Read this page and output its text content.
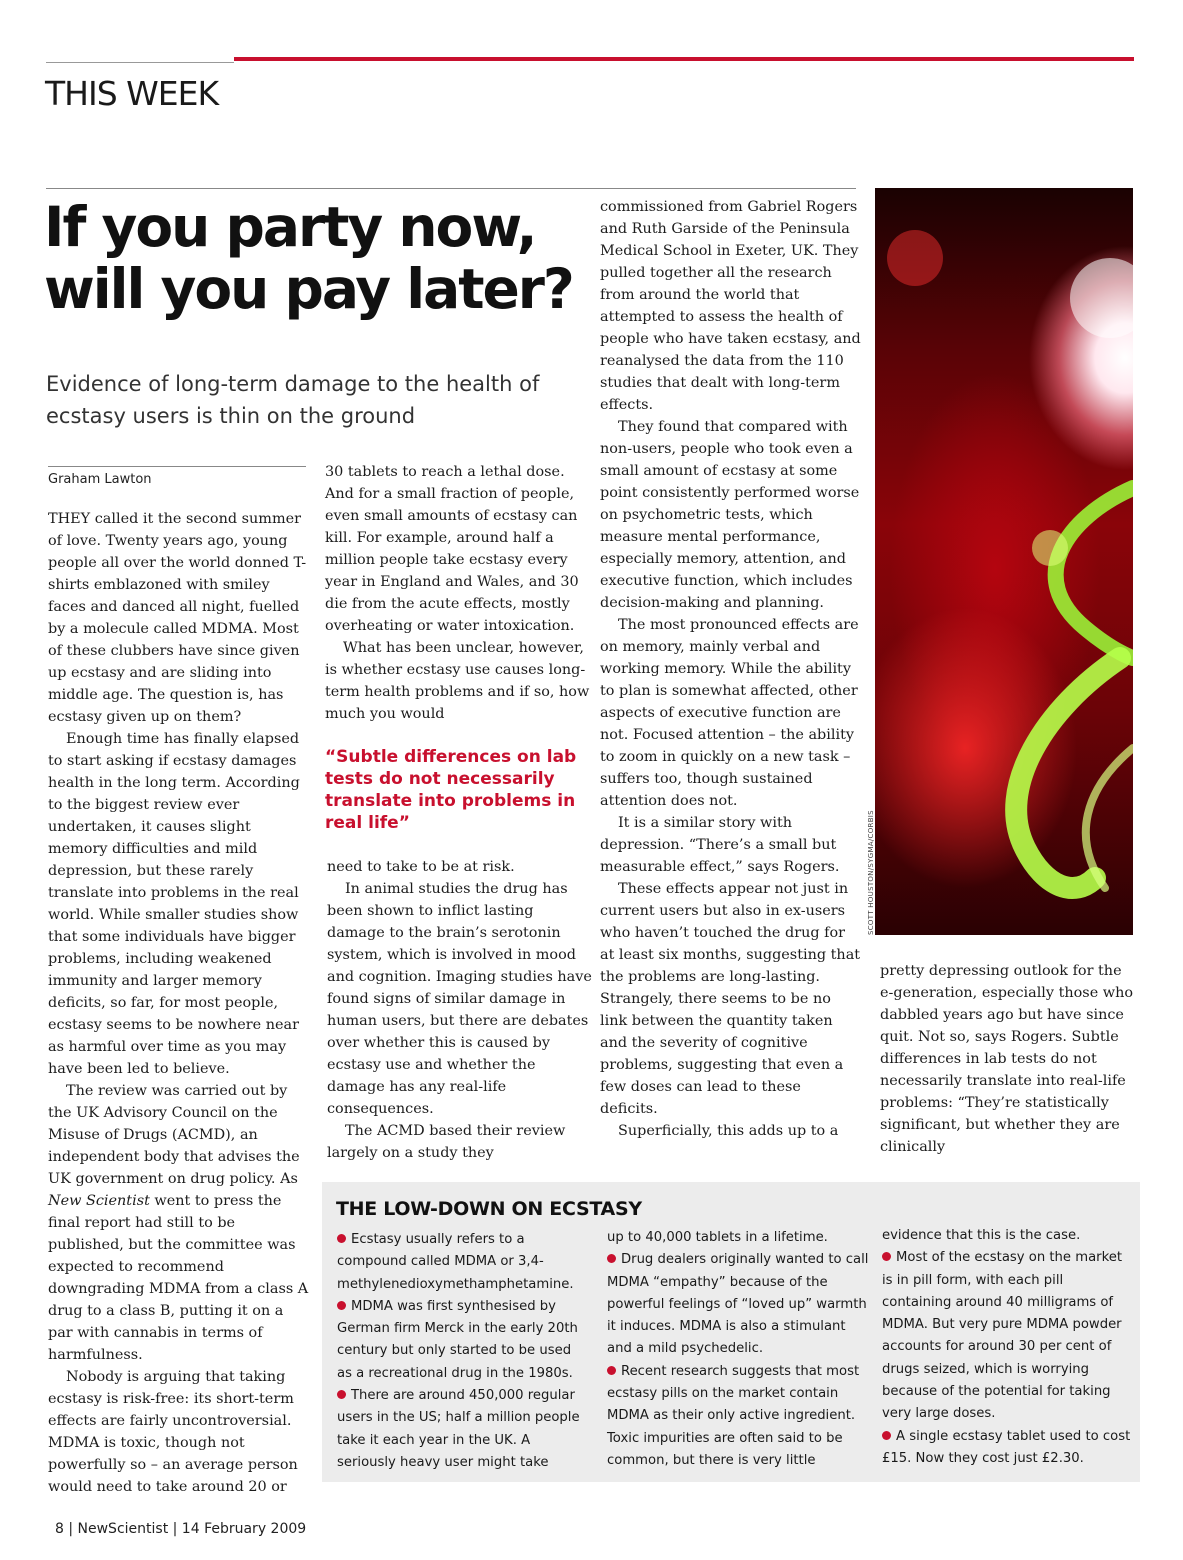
THIS WEEK
If you party now, will you pay later?
Evidence of long-term damage to the health of ecstasy users is thin on the ground
Graham Lawton

THEY called it the second summer of love. Twenty years ago, young people all over the world donned T-shirts emblazoned with smiley faces and danced all night, fuelled by a molecule called MDMA. Most of these clubbers have since given up ecstasy and are sliding into middle age. The question is, has ecstasy given up on them?

Enough time has finally elapsed to start asking if ecstasy damages health in the long term. According to the biggest review ever undertaken, it causes slight memory difficulties and mild depression, but these rarely translate into problems in the real world. While smaller studies show that some individuals have bigger problems, including weakened immunity and larger memory deficits, so far, for most people, ecstasy seems to be nowhere near as harmful over time as you may have been led to believe.

The review was carried out by the UK Advisory Council on the Misuse of Drugs (ACMD), an independent body that advises the UK government on drug policy. As New Scientist went to press the final report had still to be published, but the committee was expected to recommend downgrading MDMA from a class A drug to a class B, putting it on a par with cannabis in terms of harmfulness.

Nobody is arguing that taking ecstasy is risk-free: its short-term effects are fairly uncontroversial. MDMA is toxic, though not powerfully so – an average person would need to take around 20 or

30 tablets to reach a lethal dose. And for a small fraction of people, even small amounts of ecstasy can kill. For example, around half a million people take ecstasy every year in England and Wales, and 30 die from the acute effects, mostly overheating or water intoxication.

What has been unclear, however, is whether ecstasy use causes long-term health problems and if so, how much you would

“Subtle differences on lab tests do not necessarily translate into problems in real life”

need to take to be at risk.

In animal studies the drug has been shown to inflict lasting damage to the brain’s serotonin system, which is involved in mood and cognition. Imaging studies have found signs of similar damage in human users, but there are debates over whether this is caused by ecstasy use and whether the damage has any real-life consequences.

The ACMD based their review largely on a study they

commissioned from Gabriel Rogers and Ruth Garside of the Peninsula Medical School in Exeter, UK. They pulled together all the research from around the world that attempted to assess the health of people who have taken ecstasy, and reanalysed the data from the 110 studies that dealt with long-term effects.

They found that compared with non-users, people who took even a small amount of ecstasy at some point consistently performed worse on psychometric tests, which measure mental performance, especially memory, attention, and executive function, which includes decision-making and planning.

The most pronounced effects are on memory, mainly verbal and working memory. While the ability to plan is somewhat affected, other aspects of executive function are not. Focused attention – the ability to zoom in quickly on a new task – suffers too, though sustained attention does not.

It is a similar story with depression. “There’s a small but measurable effect,” says Rogers.

These effects appear not just in current users but also in ex-users who haven’t touched the drug for at least six months, suggesting that the problems are long-lasting. Strangely, there seems to be no link between the quantity taken and the severity of cognitive problems, suggesting that even a few doses can lead to these deficits.

Superficially, this adds up to a

SCOTT HOUSTON/SYGMA/CORBIS

pretty depressing outlook for the e-generation, especially those who dabbled years ago but have since quit. Not so, says Rogers. Subtle differences in lab tests do not necessarily translate into real-life problems: “They’re statistically significant, but whether they are clinically

THE LOW-DOWN ON ECSTASY

Ecstasy usually refers to a compound called MDMA or 3,4-methylenedioxymethamphetamine.

MDMA was first synthesised by German firm Merck in the early 20th century but only started to be used as a recreational drug in the 1980s.

There are around 450,000 regular users in the US; half a million people take it each year in the UK. A seriously heavy user might take

up to 40,000 tablets in a lifetime.

Drug dealers originally wanted to call MDMA “empathy” because of the powerful feelings of “loved up” warmth it induces. MDMA is also a stimulant and a mild psychedelic.

Recent research suggests that most ecstasy pills on the market contain MDMA as their only active ingredient. Toxic impurities are often said to be common, but there is very little

evidence that this is the case.

Most of the ecstasy on the market is in pill form, with each pill containing around 40 milligrams of MDMA. But very pure MDMA powder accounts for around 30 per cent of drugs seized, which is worrying because of the potential for taking very large doses.

A single ecstasy tablet used to cost £15. Now they cost just £2.30.

8 | NewScientist | 14 February 2009
